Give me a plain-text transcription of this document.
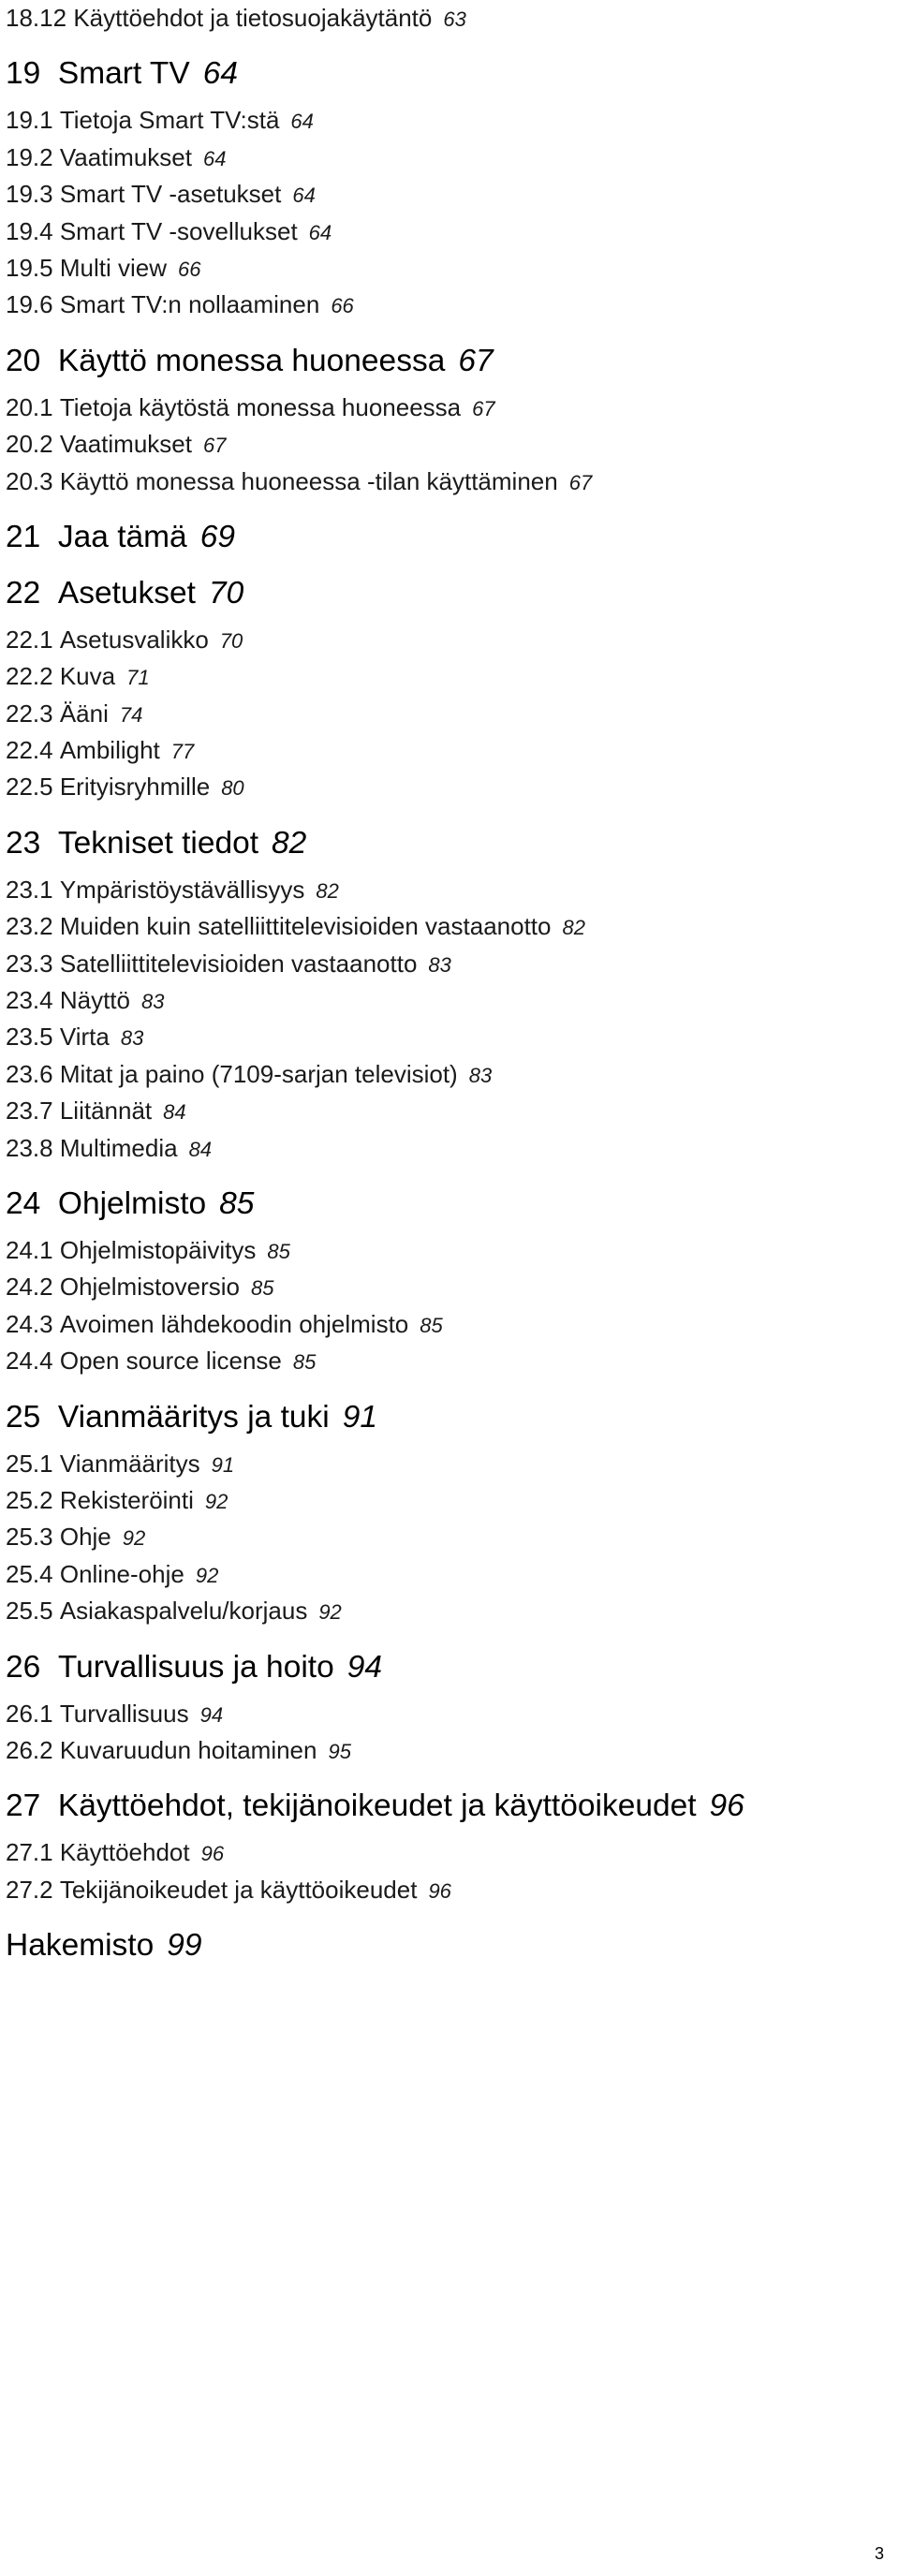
18.12 Käyttöehdot ja tietosuojakäytäntö 63
19 Smart TV 64
19.1 Tietoja Smart TV:stä 64
19.2 Vaatimukset 64
19.3 Smart TV -asetukset 64
19.4 Smart TV -sovellukset 64
19.5 Multi view 66
19.6 Smart TV:n nollaaminen 66
20 Käyttö monessa huoneessa 67
20.1 Tietoja käytöstä monessa huoneessa 67
20.2 Vaatimukset 67
20.3 Käyttö monessa huoneessa -tilan käyttäminen 67
21 Jaa tämä 69
22 Asetukset 70
22.1 Asetusvalikko 70
22.2 Kuva 71
22.3 Ääni 74
22.4 Ambilight 77
22.5 Erityisryhmille 80
23 Tekniset tiedot 82
23.1 Ympäristöystävällisyys 82
23.2 Muiden kuin satelliittitelevisioiden vastaanotto 82
23.3 Satelliittitelevisioiden vastaanotto 83
23.4 Näyttö 83
23.5 Virta 83
23.6 Mitat ja paino (7109-sarjan televisiot) 83
23.7 Liitännät 84
23.8 Multimedia 84
24 Ohjelmisto 85
24.1 Ohjelmistopäivitys 85
24.2 Ohjelmistoversio 85
24.3 Avoimen lähdekoodin ohjelmisto 85
24.4 Open source license 85
25 Vianmääritys ja tuki 91
25.1 Vianmääritys 91
25.2 Rekisteröinti 92
25.3 Ohje 92
25.4 Online-ohje 92
25.5 Asiakaspalvelu/korjaus 92
26 Turvallisuus ja hoito 94
26.1 Turvallisuus 94
26.2 Kuvaruudun hoitaminen 95
27 Käyttöehdot, tekijänoikeudet ja käyttöoikeudet 96
27.1 Käyttöehdot 96
27.2 Tekijänoikeudet ja käyttöoikeudet 96
Hakemisto 99
3
